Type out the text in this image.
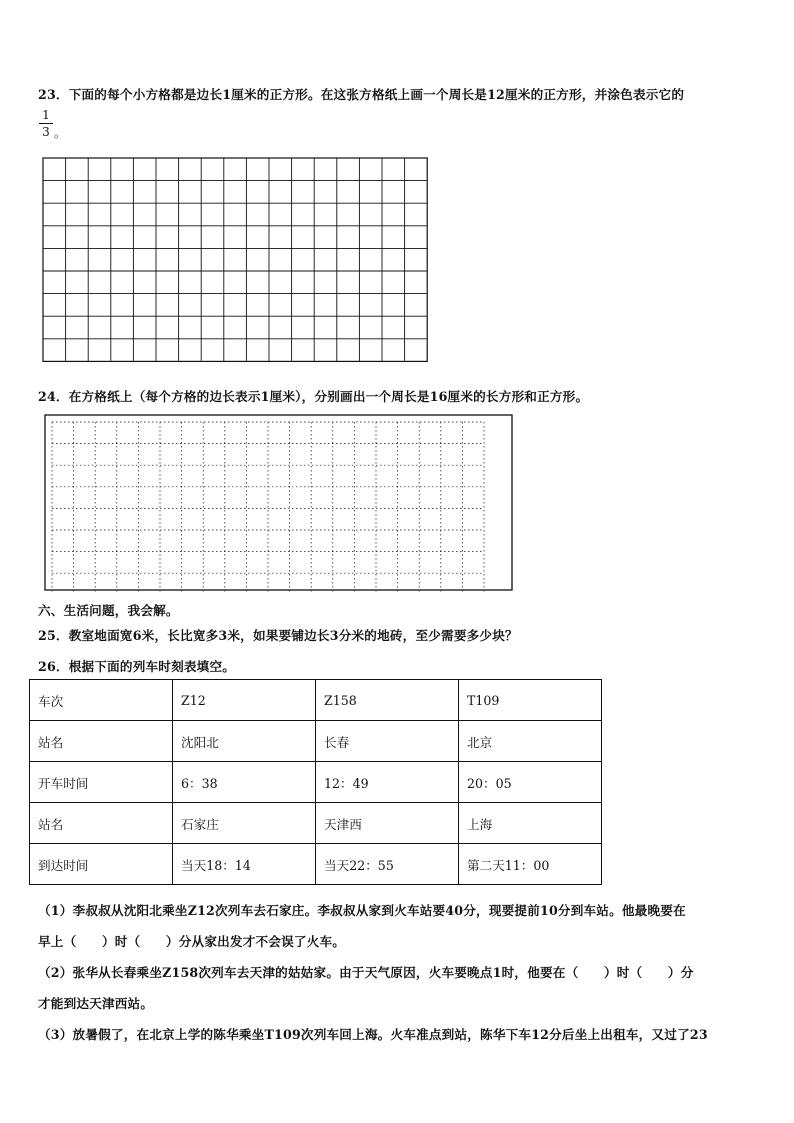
23．下面的每个小方格都是边长1厘米的正方形。在这张方格纸上画一个周长是12厘米的正方形，并涂色表示它的
1
3 。
24．在方格纸上（每个方格的边长表示1厘米），分别画出一个周长是16厘米的长方形和正方形。
六、生活问题，我会解。
25．教室地面宽6米，长比宽多3米，如果要铺边长3分米的地砖，至少需要多少块？
26．根据下面的列车时刻表填空。
车次	Z12	Z158	T109
站名	沈阳北	长春	北京
开车时间	6：38	12：49	20：05
站名	石家庄	天津西	上海
到达时间	当天18：14	当天22：55	第二天11：00
（1）李叔叔从沈阳北乘坐Z12次列车去石家庄。李叔叔从家到火车站要40分，现要提前10分到车站。他最晚要在
早上（　　）时（　　）分从家出发才不会误了火车。
（2）张华从长春乘坐Z158次列车去天津的姑姑家。由于天气原因，火车要晚点1时，他要在（　　）时（　　）分
才能到达天津西站。
（3）放暑假了，在北京上学的陈华乘坐T109次列车回上海。火车准点到站，陈华下车12分后坐上出租车，又过了23
